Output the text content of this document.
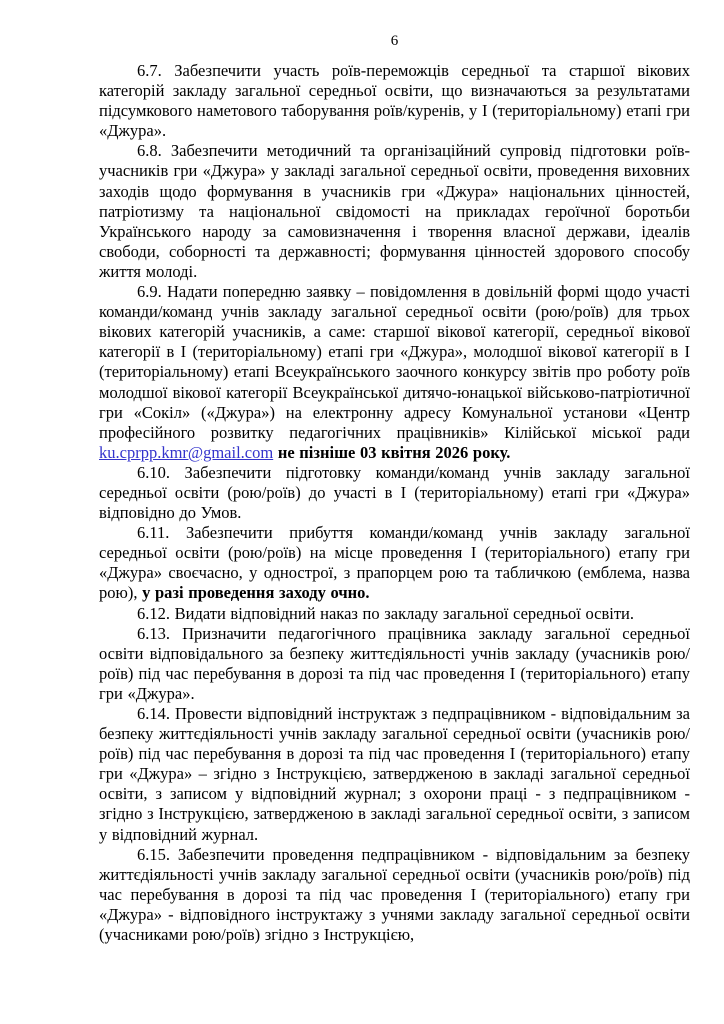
6

6.7. Забезпечити участь роїв-переможців середньої та старшої вікових категорій закладу загальної середньої освіти, що визначаються за результатами підсумкового наметового таборування роїв/куренів, у І (територіальному) етапі гри «Джура».

6.8. Забезпечити методичний та організаційний супровід підготовки роїв-учасників гри «Джура» у закладі загальної середньої освіти, проведення виховних заходів щодо формування в учасників гри «Джура» національних цінностей, патріотизму та національної свідомості на прикладах героїчної боротьби Українського народу за самовизначення і творення власної держави, ідеалів свободи, соборності та державності; формування цінностей здорового способу життя молоді.

6.9. Надати попередню заявку – повідомлення в довільній формі щодо участі команди/команд учнів закладу загальної середньої освіти (рою/роїв) для трьох вікових категорій учасників, а саме: старшої вікової категорії, середньої вікової категорії в І (територіальному) етапі гри «Джура», молодшої вікової категорії в І (територіальному) етапі Всеукраїнського заочного конкурсу звітів про роботу роїв молодшої вікової категорії Всеукраїнської дитячо-юнацької військово-патріотичної гри «Сокіл» («Джура») на електронну адресу Комунальної установи «Центр професійного розвитку педагогічних працівників» Кілійської міської ради ku.cprpp.kmr@gmail.com не пізніше 03 квітня 2026 року.

6.10. Забезпечити підготовку команди/команд учнів закладу загальної середньої освіти (рою/роїв) до участі в І (територіальному) етапі гри «Джура» відповідно до Умов.

6.11. Забезпечити прибуття команди/команд учнів закладу загальної середньої освіти (рою/роїв) на місце проведення І (територіального) етапу гри «Джура» своєчасно, у однострої, з прапорцем рою та табличкою (емблема, назва рою), у разі проведення заходу очно.

6.12. Видати відповідний наказ по закладу загальної середньої освіти.

6.13. Призначити педагогічного працівника закладу загальної середньої освіти відповідального за безпеку життєдіяльності учнів закладу (учасників рою/роїв) під час перебування в дорозі та під час проведення І (територіального) етапу гри «Джура».

6.14. Провести відповідний інструктаж з педпрацівником - відповідальним за безпеку життєдіяльності учнів закладу загальної середньої освіти (учасників рою/роїв) під час перебування в дорозі та під час проведення І (територіального) етапу гри «Джура» – згідно з Інструкцією, затвердженою в закладі загальної середньої освіти, з записом у відповідний журнал; з охорони праці - з педпрацівником - згідно з Інструкцією, затвердженою в закладі загальної середньої освіти, з записом у відповідний журнал.

6.15. Забезпечити проведення педпрацівником - відповідальним за безпеку життєдіяльності учнів закладу загальної середньої освіти (учасників рою/роїв) під час перебування в дорозі та під час проведення І (територіального) етапу гри «Джура» - відповідного інструктажу з учнями закладу загальної середньої освіти (учасниками рою/роїв) згідно з Інструкцією,
